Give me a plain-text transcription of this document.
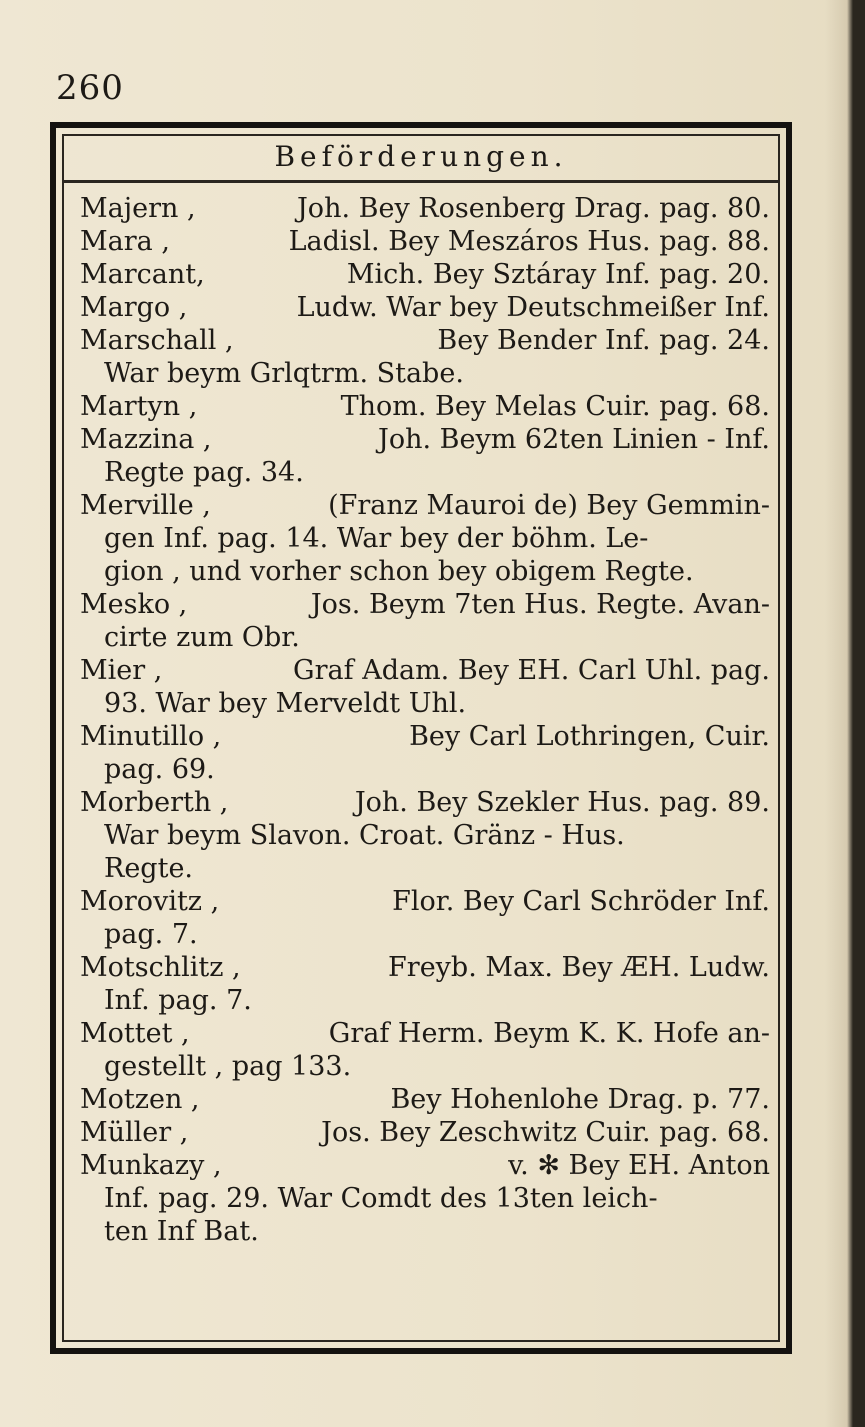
260
Beförderungen.
Majern ,	Joh. Bey Rosenberg Drag. pag. 80.
Mara ,	Ladisl. Bey Meszáros Hus. pag. 88.
Marcant,	Mich. Bey Sztáray Inf. pag. 20.
Margo ,	Ludw. War bey Deutschmeißer Inf.
Marschall ,	Bey Bender Inf. pag. 24.
War beym Grlqtrm. Stabe.
Martyn ,	Thom. Bey Melas Cuir. pag. 68.
Mazzina ,	Joh. Beym 62ten Linien - Inf.
Regte pag. 34.
Merville ,	(Franz Mauroi de) Bey Gemmin-
gen Inf. pag. 14. War bey der böhm. Le-
gion , und vorher schon bey obigem Regte.
Mesko ,	Jos. Beym 7ten Hus. Regte. Avan-
cirte zum Obr.
Mier ,	Graf Adam. Bey EH. Carl Uhl. pag.
93. War bey Merveldt Uhl.
Minutillo ,	Bey Carl Lothringen, Cuir.
pag. 69.
Morberth ,	Joh. Bey Szekler Hus. pag. 89.
War beym Slavon. Croat. Gränz - Hus.
Regte.
Morovitz ,	Flor. Bey Carl Schröder Inf.
pag. 7.
Motschlitz ,	Freyb. Max. Bey ÆH. Ludw.
Inf. pag. 7.
Mottet ,	Graf Herm. Beym K. K. Hofe an-
gestellt , pag 133.
Motzen ,	Bey Hohenlohe Drag. p. 77.
Müller ,	Jos. Bey Zeschwitz Cuir. pag. 68.
Munkazy ,	v. ✻ Bey EH. Anton
Inf. pag. 29. War Comdt des 13ten leich-
ten Inf Bat.
